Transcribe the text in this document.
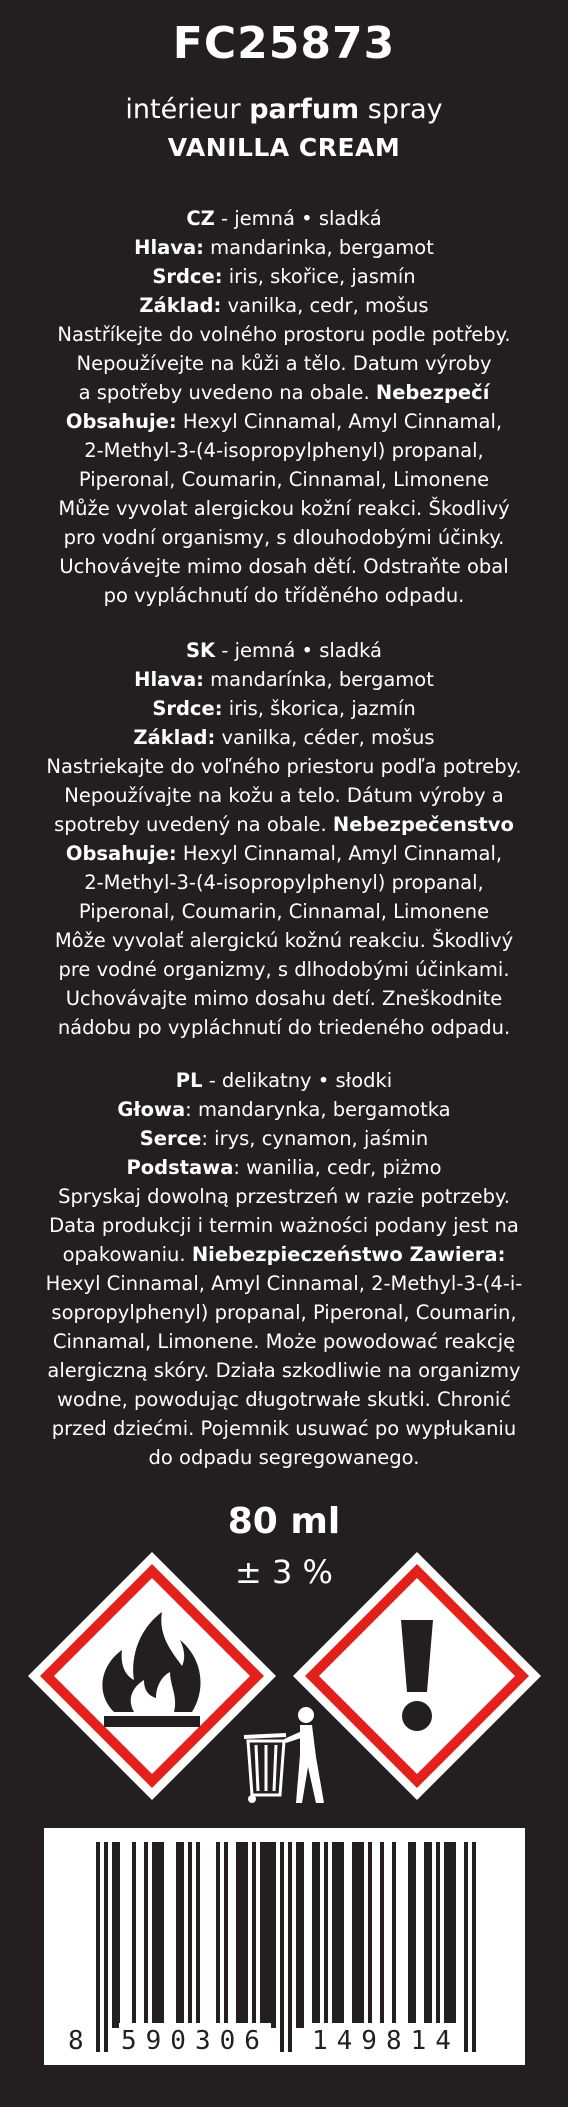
FC25873
intérieur parfum spray
VANILLA CREAM
CZ - jemná • sladká
Hlava: mandarinka, bergamot
Srdce: iris, skořice, jasmín
Základ: vanilka, cedr, mošus
Nastříkejte do volného prostoru podle potřeby.
Nepoužívejte na kůži a tělo. Datum výroby
a spotřeby uvedeno na obale. Nebezpečí
Obsahuje: Hexyl Cinnamal, Amyl Cinnamal,
2-Methyl-3-(4-isopropylphenyl) propanal,
Piperonal, Coumarin, Cinnamal, Limonene
Může vyvolat alergickou kožní reakci. Škodlivý
pro vodní organismy, s dlouhodobými účinky.
Uchovávejte mimo dosah dětí. Odstraňte obal
po vypláchnutí do tříděného odpadu.
SK - jemná • sladká
Hlava: mandarínka, bergamot
Srdce: iris, škorica, jazmín
Základ: vanilka, céder, mošus
Nastriekajte do voľného priestoru podľa potreby.
Nepoužívajte na kožu a telo. Dátum výroby a
spotreby uvedený na obale. Nebezpečenstvo
Obsahuje: Hexyl Cinnamal, Amyl Cinnamal,
2-Methyl-3-(4-isopropylphenyl) propanal,
Piperonal, Coumarin, Cinnamal, Limonene
Môže vyvolať alergickú kožnú reakciu. Škodlivý
pre vodné organizmy, s dlhodobými účinkami.
Uchovávajte mimo dosahu detí. Zneškodnite
nádobu po vypláchnutí do triedeného odpadu.
PL - delikatny • słodki
Głowa: mandarynka, bergamotka
Serce: irys, cynamon, jaśmin
Podstawa: wanilia, cedr, piżmo
Spryskaj dowolną przestrzeń w razie potrzeby.
Data produkcji i termin ważności podany jest na
opakowaniu. Niebezpieczeństwo Zawiera:
Hexyl Cinnamal, Amyl Cinnamal, 2-Methyl-3-(4-i-
sopropylphenyl) propanal, Piperonal, Coumarin,
Cinnamal, Limonene. Może powodować reakcję
alergiczną skóry. Działa szkodliwie na organizmy
wodne, powodując długotrwałe skutki. Chronić
przed dziećmi. Pojemnik usuwać po wypłukaniu
do odpadu segregowanego.
80 ml
± 3 %
8 590306 149814
